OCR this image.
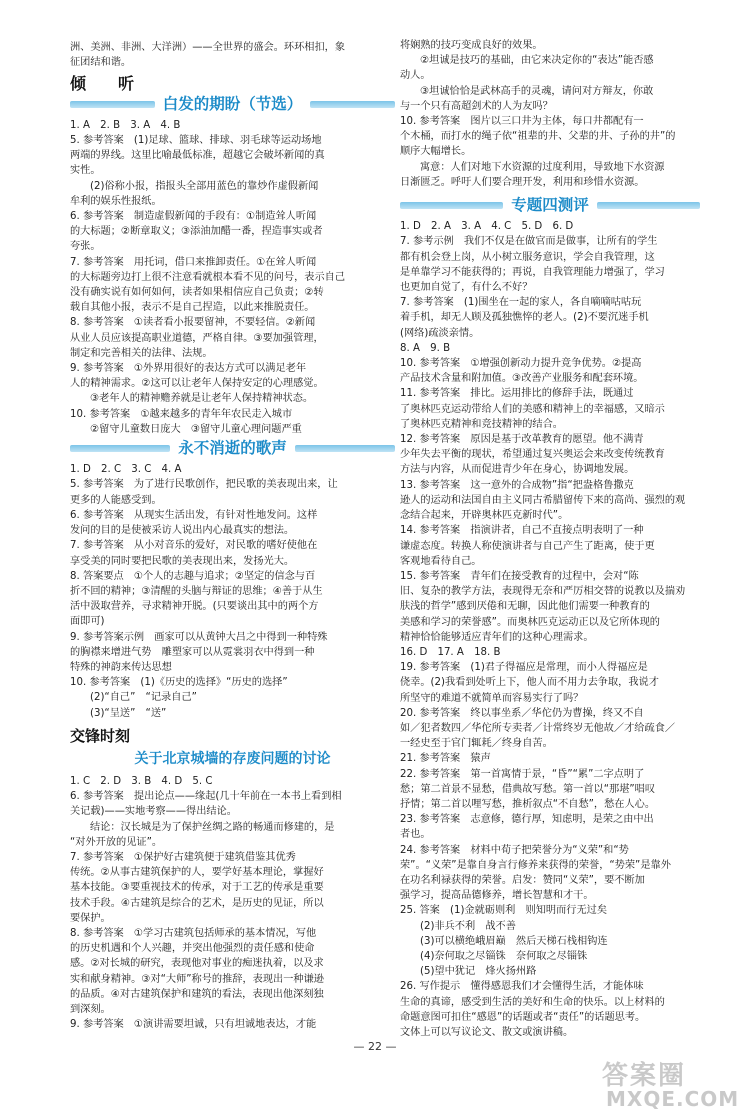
洲、美洲、非洲、大洋洲）——全世界的盛会。环环相扣，象
征团结和谐。
倾　听
白发的期盼（节选）
1. A　2. B　3. A　4. B
5. 参考答案　(1)足球、篮球、排球、羽毛球等运动场地
两端的界线。这里比喻最低标准，超越它会破坏新闻的真
实性。
(2)俗称小报，指报头全部用蓝色的靠炒作虚假新闻
牟利的娱乐性报纸。
6. 参考答案　制造虚假新闻的手段有：①制造耸人听闻
的大标题；②断章取义；③添油加醋一番，捏造事实或者
夸张。
7. 参考答案　用托词，借口来推卸责任。①在耸人听闻
的大标题旁边打上很不注意看就根本看不见的问号，表示自己
没有确实说有如何如何，读者如果相信应自己负责；②转
载自其他小报，表示不是自己捏造，以此来推脱责任。
8. 参考答案　①读者看小报要留神，不要轻信。②新闻
从业人员应该提高职业道德，严格自律。③要加强管理，
制定和完善相关的法律、法规。
9. 参考答案　①外界用很好的表达方式可以满足老年
人的精神需求。②这可以让老年人保持安定的心理感觉。
③老年人的精神赡养就是让老年人保持精神状态。
10. 参考答案　①越来越多的青年年农民走入城市　
②留守儿童数日庞大　③留守儿童心理问题严重
永不消逝的歌声
1. D　2. C　3. C　4. A
5. 参考答案　为了进行民歌创作，把民歌的美表现出来，让
更多的人能感受到。
6. 参考答案　从现实生活出发，有针对性地发问。这样
发问的目的是使被采访人说出内心最真实的想法。
7. 参考答案　从小对音乐的爱好，对民歌的嗜好使他在
享受美的同时要把民歌的美表现出来，发扬光大。
8. 答案要点　①个人的志趣与追求；②坚定的信念与百
折不回的精神；③清醒的头脑与辩证的思维；④善于从生
活中汲取营养，寻求精神开脱。(只要谈出其中的两个方
面即可)
9. 参考答案示例　画家可以从黄钟大吕之中得到一种特殊
的胸襟来增进气势　雕塑家可以从霓裳羽衣中得到一种
特殊的神韵来传达思想
10. 参考答案　(1)《历史的选择》“历史的选择”
(2)“自己”　“记录自己”
(3)“呈送”　“送”
交锋时刻
关于北京城墙的存废问题的讨论
1. C　2. D　3. B　4. D　5. C
6. 参考答案　提出论点——缘起(几十年前在一本书上看到相
关记载)——实地考察——得出结论。
结论：汉长城是为了保护丝绸之路的畅通而修建的，是
“对外开放的见证”。
7. 参考答案　①保护好古建筑便于建筑借鉴其优秀
传统。②从事古建筑保护的人，要学好基本理论，掌握好
基本技能。③要重视技术的传承，对于工艺的传承是重要
技术手段。④古建筑是综合的艺术，是历史的见证，所以
要保护。
8. 参考答案　①学习古建筑包括师承的基本情况，写他
的历史机遇和个人兴趣，并突出他强烈的责任感和使命
感。②对长城的研究，表现他对事业的痴迷执着，以及求
实和献身精神。③对“大师”称号的推辞，表现出一种谦逊
的品质。④对古建筑保护和建筑的看法，表现出他深刻独
到深刻。
9. 参考答案　①演讲需要坦诚，只有坦诚地表达，才能
将娴熟的技巧变成良好的效果。
②坦诚是技巧的基础，由它来决定你的“表达”能否感
动人。
③坦诚恰恰是武林高手的灵魂，请问对方辩友，你敢
与一个只有高超剑术的人为友吗？
10. 参考答案　图片以三口井为主体，每口井都配有一
个木桶，而打水的绳子依“祖辈的井、父辈的井、子孙的井”的
顺序大幅增长。
寓意：人们对地下水资源的过度利用，导致地下水资源
日渐匮乏。呼吁人们要合理开发，利用和珍惜水资源。
专题四测评
1. D　2. A　3. A　4. C　5. D　6. D
7. 参考示例　我们不仅是在做官而是做事，让所有的学生
都有机会登上岗，从小树立服务意识，学会自我管理，这
是单靠学习不能获得的；再说，自我管理能力增强了，学习
也更加自觉了，有什么不好？
7. 参考答案　(1)围坐在一起的家人，各自嘀嘀咕咕玩
着手机，却无人顾及孤独憔悴的老人。(2)不要沉迷手机
(网络)疏淡亲情。
8. A　9. B
10. 参考答案　①增强创新动力提升竞争优势。②提高
产品技术含量和附加值。③改善产业服务和配套环境。
11. 参考答案　排比。运用排比的修辞手法，既通过
了奥林匹克运动带给人们的美感和精神上的幸福感，又暗示
了奥林匹克精神和竞技精神的结合。
12. 参考答案　原因是基于改革教育的愿望。他不满青
少年失去平衡的现状，希望通过复兴奥运会来改变传统教育
方法与内容，从而促进青少年在身心，协调地发展。
13. 参考答案　这一意外的合成物”指“把盎格鲁撒克
逊人的运动和法国自由主义同古希腊留传下来的高尚、强烈的观
念结合起来，开辟奥林匹克新时代”。
14. 参考答案　指演讲者，自己不直接点明表明了一种
谦虚态度。转换人称使演讲者与自己产生了距离，使于更
客观地看待自己。
15. 参考答案　青年们在接受教育的过程中，会对“陈
旧、复杂的教学方法，表现得无奈和严厉相交替的说教以及揣劝
肤浅的哲学”感到厌倦和无聊，因此他们需要一种教育的
美感和学习的荣誉感”。而奥林匹克运动正以及它所体现的
精神恰恰能够适应青年们的这种心理需求。
16. D　17. A　18. B
19. 参考答案　(1)君子得福应是常理，而小人得福应是
侥幸。(2)我看到处听上下，他人而不用力去争取，我说才
所坚守的难道不就简单而容易实行了吗？
20. 参考答案　终以事坐系／华佗仍为曹操，终又不自
如／犯者数四／华佗所专卖者／计常终岁无他故／才给疏食／
一经史至于官门辄耗／终身自苦。
21. 参考答案　猿声
22. 参考答案　第一首寓情于景，“昏”“累”二字点明了
愁；第二首景不显愁，借典故写愁。第一首以“那堪”唱叹
抒情；第二首以哩写愁，推析叙点“不自愁”，愁在人心。
23. 参考答案　志意修，德行厚，知虑明，是荣之由中出
者也。
24. 参考答案　材料中荀子把荣誉分为“义荣”和“势
荣”。“义荣”是靠自身言行修养来获得的荣誉，“势荣”是靠外
在功名利禄获得的荣誉。启发：赞同“义荣”，要不断加
强学习，提高品德修养，增长智慧和才干。
25. 答案　(1)金就砺则利　则知明而行无过矣
(2)非兵不利　战不善
(3)可以横绝峨眉巅　然后天梯石栈相钩连
(4)奈何取之尽锱铢　奈何取之尽锱铢
(5)望中犹记　烽火扬州路
26. 写作提示　懂得感恩我们才会懂得生活，才能体味
生命的真谛，感受到生活的美好和生命的快乐。以上材料的
命题意图可扣住“感恩”的话题或者“责任”的话题思考。
文体上可以写议论文、散文或演讲稿。
— 22 —
答案圈
MXQE.COM
